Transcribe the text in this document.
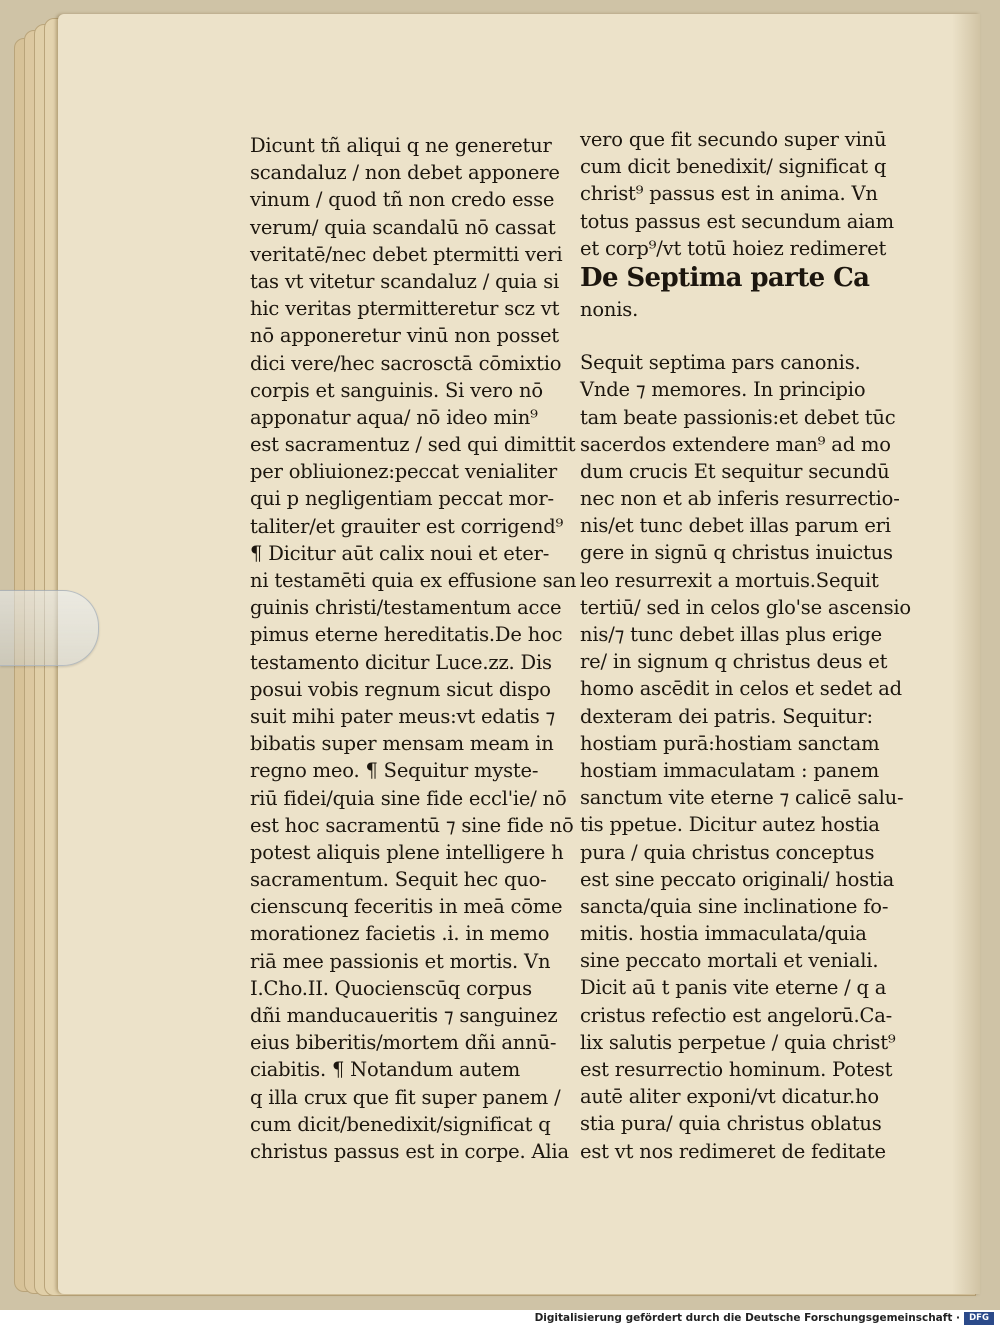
Dicunt tñ aliqui q ne generetur
scandaluz / non debet apponere
vinum / quod tñ non credo esse
verum/ quia scandalū nō cassat
veritatē/nec debet ptermitti veri
tas vt vitetur scandaluz / quia si
hic veritas ptermitteretur scz vt
nō apponeretur vinū non posset
dici vere/hec sacrosctā cōmixtio
corpis et sanguinis. Si vero nō
apponatur aqua/ nō ideo min⁹
est sacramentuz / sed qui dimittit
per obliuionez:peccat venialiter
qui p negligentiam peccat mor-
taliter/et grauiter est corrigend⁹
¶ Dicitur aūt calix noui et eter-
ni testamēti quia ex effusione san
guinis christi/testamentum acce
pimus eterne hereditatis.De hoc
testamento dicitur Luce.zz. Dis
posui vobis regnum sicut dispo
suit mihi pater meus:vt edatis ⁊
bibatis super mensam meam in
regno meo. ¶ Sequitur myste-
riū fidei/quia sine fide eccl'ie/ nō
est hoc sacramentū ⁊ sine fide nō
potest aliquis plene intelligere h
sacramentum. Sequit hec quo-
cienscunq feceritis in meā cōme
morationez facietis .i. in memo
riā mee passionis et mortis. Vn
I.Cho.II. Quocienscūq corpus
dñi manducaueritis ⁊ sanguinez
eius biberitis/mortem dñi annū-
ciabitis. ¶ Notandum autem
q illa crux que fit super panem /
cum dicit/benedixit/significat q
christus passus est in corpe. Alia
vero que fit secundo super vinū
cum dicit benedixit/ significat q
christ⁹ passus est in anima. Vn
totus passus est secundum aiam
et corp⁹/vt totū hoiez redimeret
De Septima parte Ca
nonis.
Sequit septima pars canonis.
Vnde ⁊ memores. In principio
tam beate passionis:et debet tūc
sacerdos extendere man⁹ ad mo
dum crucis Et sequitur secundū
nec non et ab inferis resurrectio-
nis/et tunc debet illas parum eri
gere in signū q christus inuictus
leo resurrexit a mortuis.Sequit
tertiū/ sed in celos glo'se ascensio
nis/⁊ tunc debet illas plus erige
re/ in signum q christus deus et
homo ascēdit in celos et sedet ad
dexteram dei patris. Sequitur:
hostiam purā:hostiam sanctam
hostiam immaculatam : panem
sanctum vite eterne ⁊ calicē salu-
tis ppetue. Dicitur autez hostia
pura / quia christus conceptus
est sine peccato originali/ hostia
sancta/quia sine inclinatione fo-
mitis. hostia immaculata/quia
sine peccato mortali et veniali.
Dicit aū t panis vite eterne / q a
cristus refectio est angelorū.Ca-
lix salutis perpetue / quia christ⁹
est resurrectio hominum. Potest
autē aliter exponi/vt dicatur.ho
stia pura/ quia christus oblatus
est vt nos redimeret de feditate
Digitalisierung gefördert durch die Deutsche Forschungsgemeinschaft ·	DFG
